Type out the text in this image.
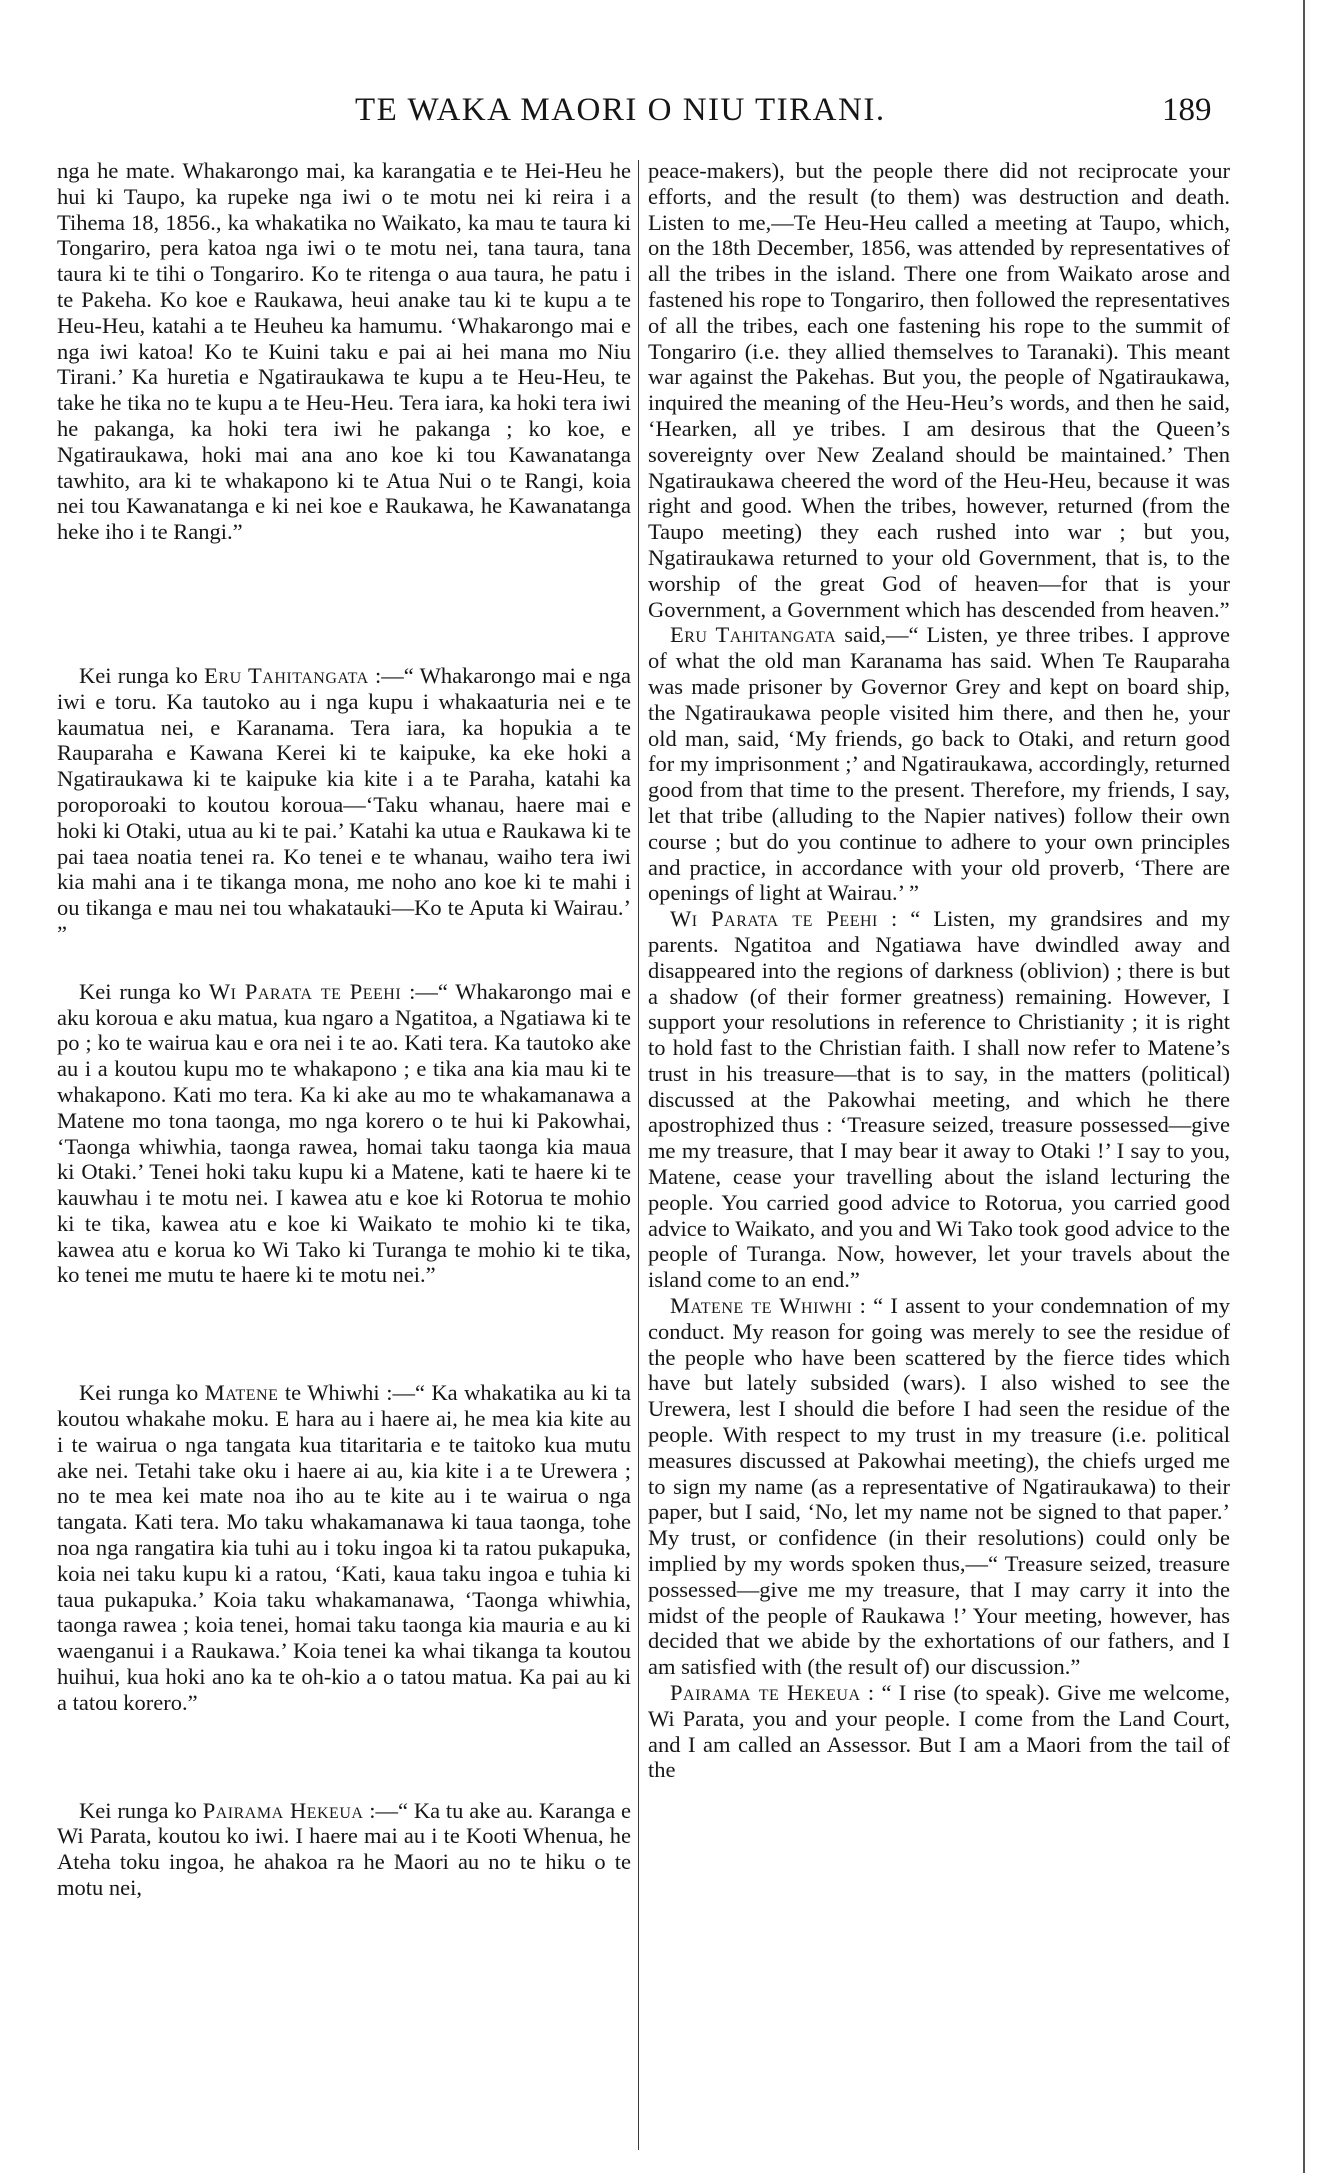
TE WAKA MAORI O NIU TIRANI.	189

nga he mate. Whakarongo mai, ka karangatia e te Hei-Heu he hui ki Taupo, ka rupeke nga iwi o te motu nei ki reira i a Tihema 18, 1856., ka whakatika no Waikato, ka mau te taura ki Tongariro, pera katoa nga iwi o te motu nei, tana taura, tana taura ki te tihi o Tongariro. Ko te ritenga o aua taura, he patu i te Pakeha. Ko koe e Raukawa, heui anake tau ki te kupu a te Heu-Heu, katahi a te Heuheu ka hamumu. ‘Whakarongo mai e nga iwi katoa! Ko te Kuini taku e pai ai hei mana mo Niu Tirani.’ Ka huretia e Ngatiraukawa te kupu a te Heu-Heu, te take he tika no te kupu a te Heu-Heu. Tera iara, ka hoki tera iwi he pakanga, ka hoki tera iwi he pakanga ; ko koe, e Ngatiraukawa, hoki mai ana ano koe ki tou Kawanatanga tawhito, ara ki te whakapono ki te Atua Nui o te Rangi, koia nei tou Kawanatanga e ki nei koe e Raukawa, he Kawanatanga heke iho i te Rangi.”

Kei runga ko Eru Tahitangata :—“ Whakarongo mai e nga iwi e toru. Ka tautoko au i nga kupu i whakaaturia nei e te kaumatua nei, e Karanama. Tera iara, ka hopukia a te Rauparaha e Kawana Kerei ki te kaipuke, ka eke hoki a Ngatiraukawa ki te kaipuke kia kite i a te Paraha, katahi ka poroporoaki to koutou koroua—‘Taku whanau, haere mai e hoki ki Otaki, utua au ki te pai.’ Katahi ka utua e Raukawa ki te pai taea noatia tenei ra. Ko tenei e te whanau, waiho tera iwi kia mahi ana i te tikanga mona, me noho ano koe ki te mahi i ou tikanga e mau nei tou whakatauki—Ko te Aputa ki Wairau.’ ”

Kei runga ko Wi Parata te Peehi :—“ Whakarongo mai e aku koroua e aku matua, kua ngaro a Ngatitoa, a Ngatiawa ki te po ; ko te wairua kau e ora nei i te ao. Kati tera. Ka tautoko ake au i a koutou kupu mo te whakapono ; e tika ana kia mau ki te whakapono. Kati mo tera. Ka ki ake au mo te whakamanawa a Matene mo tona taonga, mo nga korero o te hui ki Pakowhai, ‘Taonga whiwhia, taonga rawea, homai taku taonga kia maua ki Otaki.’ Tenei hoki taku kupu ki a Matene, kati te haere ki te kauwhau i te motu nei. I kawea atu e koe ki Rotorua te mohio ki te tika, kawea atu e koe ki Waikato te mohio ki te tika, kawea atu e korua ko Wi Tako ki Turanga te mohio ki te tika, ko tenei me mutu te haere ki te motu nei.”

Kei runga ko Matene te Whiwhi :—“ Ka whakatika au ki ta koutou whakahe moku. E hara au i haere ai, he mea kia kite au i te wairua o nga tangata kua titaritaria e te taitoko kua mutu ake nei. Tetahi take oku i haere ai au, kia kite i a te Urewera ; no te mea kei mate noa iho au te kite au i te wairua o nga tangata. Kati tera. Mo taku whakamanawa ki taua taonga, tohe noa nga rangatira kia tuhi au i toku ingoa ki ta ratou pukapuka, koia nei taku kupu ki a ratou, ‘Kati, kaua taku ingoa e tuhia ki taua pukapuka.’ Koia taku whakamanawa, ‘Taonga whiwhia, taonga rawea ; koia tenei, homai taku taonga kia mauria e au ki waenganui i a Raukawa.’ Koia tenei ka whai tikanga ta koutou huihui, kua hoki ano ka te oh-kio a o tatou matua. Ka pai au ki a tatou korero.”

Kei runga ko Pairama Hekeua :—“ Ka tu ake au. Karanga e Wi Parata, koutou ko iwi. I haere mai au i te Kooti Whenua, he Ateha toku ingoa, he ahakoa ra he Maori au no te hiku o te motu nei,

peace-makers), but the people there did not reciprocate your efforts, and the result (to them) was destruction and death. Listen to me,—Te Heu-Heu called a meeting at Taupo, which, on the 18th December, 1856, was attended by representatives of all the tribes in the island. There one from Waikato arose and fastened his rope to Tongariro, then followed the representatives of all the tribes, each one fastening his rope to the summit of Tongariro (i.e. they allied themselves to Taranaki). This meant war against the Pakehas. But you, the people of Ngatiraukawa, inquired the meaning of the Heu-Heu’s words, and then he said, ‘Hearken, all ye tribes. I am desirous that the Queen’s sovereignty over New Zealand should be maintained.’ Then Ngatiraukawa cheered the word of the Heu-Heu, because it was right and good. When the tribes, however, returned (from the Taupo meeting) they each rushed into war ; but you, Ngatiraukawa returned to your old Government, that is, to the worship of the great God of heaven—for that is your Government, a Government which has descended from heaven.”

Eru Tahitangata said,—“ Listen, ye three tribes. I approve of what the old man Karanama has said. When Te Rauparaha was made prisoner by Governor Grey and kept on board ship, the Ngatiraukawa people visited him there, and then he, your old man, said, ‘My friends, go back to Otaki, and return good for my imprisonment ;’ and Ngatiraukawa, accordingly, returned good from that time to the present. Therefore, my friends, I say, let that tribe (alluding to the Napier natives) follow their own course ; but do you continue to adhere to your own principles and practice, in accordance with your old proverb, ‘There are openings of light at Wairau.’ ”

Wi Parata te Peehi : “ Listen, my grandsires and my parents. Ngatitoa and Ngatiawa have dwindled away and disappeared into the regions of darkness (oblivion) ; there is but a shadow (of their former greatness) remaining. However, I support your resolutions in reference to Christianity ; it is right to hold fast to the Christian faith. I shall now refer to Matene’s trust in his treasure—that is to say, in the matters (political) discussed at the Pakowhai meeting, and which he there apostrophized thus : ‘Treasure seized, treasure possessed—give me my treasure, that I may bear it away to Otaki !’ I say to you, Matene, cease your travelling about the island lecturing the people. You carried good advice to Rotorua, you carried good advice to Waikato, and you and Wi Tako took good advice to the people of Turanga. Now, however, let your travels about the island come to an end.”

Matene te Whiwhi : “ I assent to your condemnation of my conduct. My reason for going was merely to see the residue of the people who have been scattered by the fierce tides which have but lately subsided (wars). I also wished to see the Urewera, lest I should die before I had seen the residue of the people. With respect to my trust in my treasure (i.e. political measures discussed at Pakowhai meeting), the chiefs urged me to sign my name (as a representative of Ngatiraukawa) to their paper, but I said, ‘No, let my name not be signed to that paper.’ My trust, or confidence (in their resolutions) could only be implied by my words spoken thus,—“ Treasure seized, treasure possessed—give me my treasure, that I may carry it into the midst of the people of Raukawa !’ Your meeting, however, has decided that we abide by the exhortations of our fathers, and I am satisfied with (the result of) our discussion.”

Pairama te Hekeua : “ I rise (to speak). Give me welcome, Wi Parata, you and your people. I come from the Land Court, and I am called an Assessor. But I am a Maori from the tail of the
